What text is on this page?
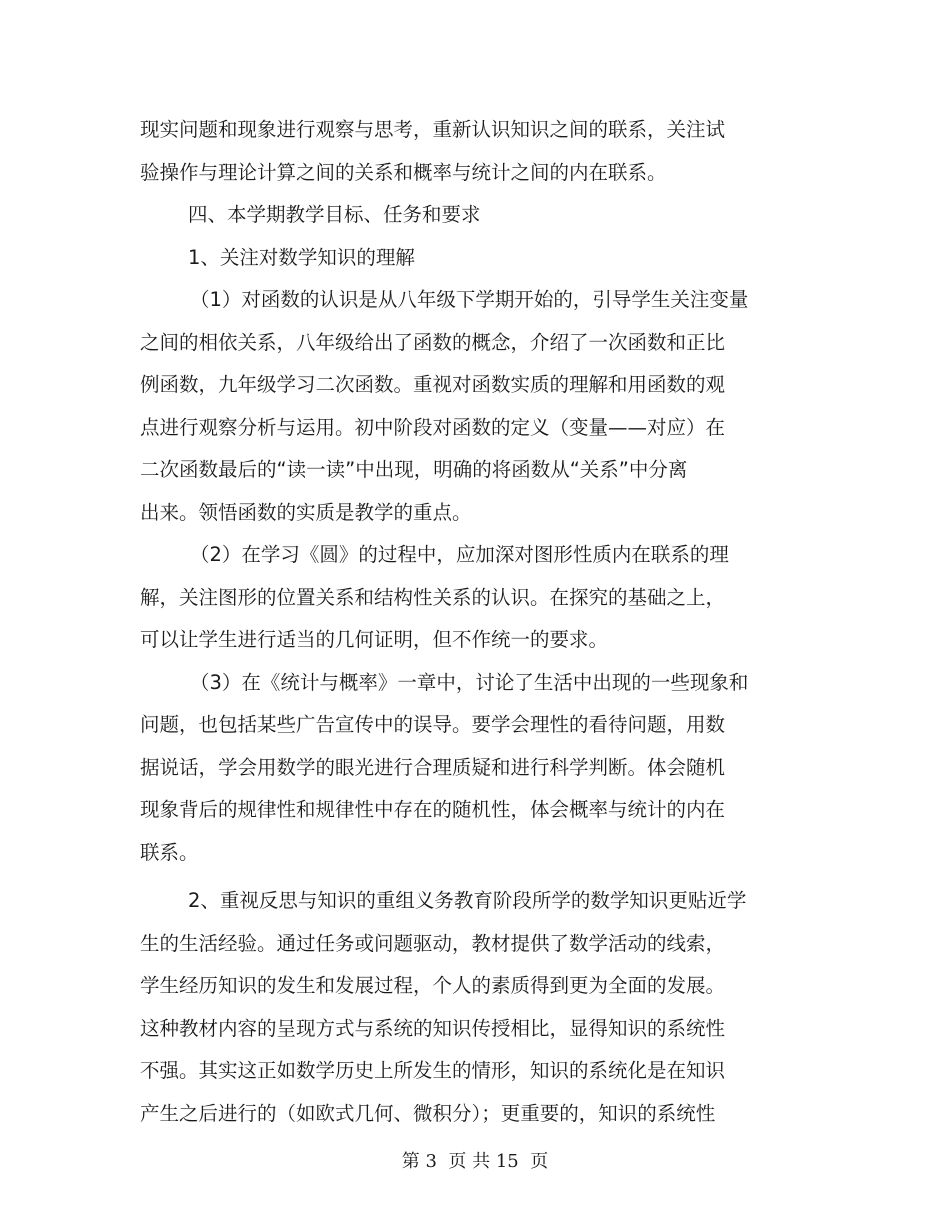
现实问题和现象进行观察与思考，重新认识知识之间的联系，关注试
验操作与理论计算之间的关系和概率与统计之间的内在联系。
四、本学期教学目标、任务和要求
1、关注对数学知识的理解
（1）对函数的认识是从八年级下学期开始的，引导学生关注变量
之间的相依关系，八年级给出了函数的概念，介绍了一次函数和正比
例函数，九年级学习二次函数。重视对函数实质的理解和用函数的观
点进行观察分析与运用。初中阶段对函数的定义（变量——对应）在
二次函数最后的“读一读”中出现，明确的将函数从“关系”中分离
出来。领悟函数的实质是教学的重点。
（2）在学习《圆》的过程中，应加深对图形性质内在联系的理
解，关注图形的位置关系和结构性关系的认识。在探究的基础之上，
可以让学生进行适当的几何证明，但不作统一的要求。
（3）在《统计与概率》一章中，讨论了生活中出现的一些现象和
问题，也包括某些广告宣传中的误导。要学会理性的看待问题，用数
据说话，学会用数学的眼光进行合理质疑和进行科学判断。体会随机
现象背后的规律性和规律性中存在的随机性，体会概率与统计的内在
联系。
2、重视反思与知识的重组义务教育阶段所学的数学知识更贴近学
生的生活经验。通过任务或问题驱动，教材提供了数学活动的线索，
学生经历知识的发生和发展过程，个人的素质得到更为全面的发展。
这种教材内容的呈现方式与系统的知识传授相比，显得知识的系统性
不强。其实这正如数学历史上所发生的情形，知识的系统化是在知识
产生之后进行的（如欧式几何、微积分）；更重要的，知识的系统性
第 3  页 共 15  页
